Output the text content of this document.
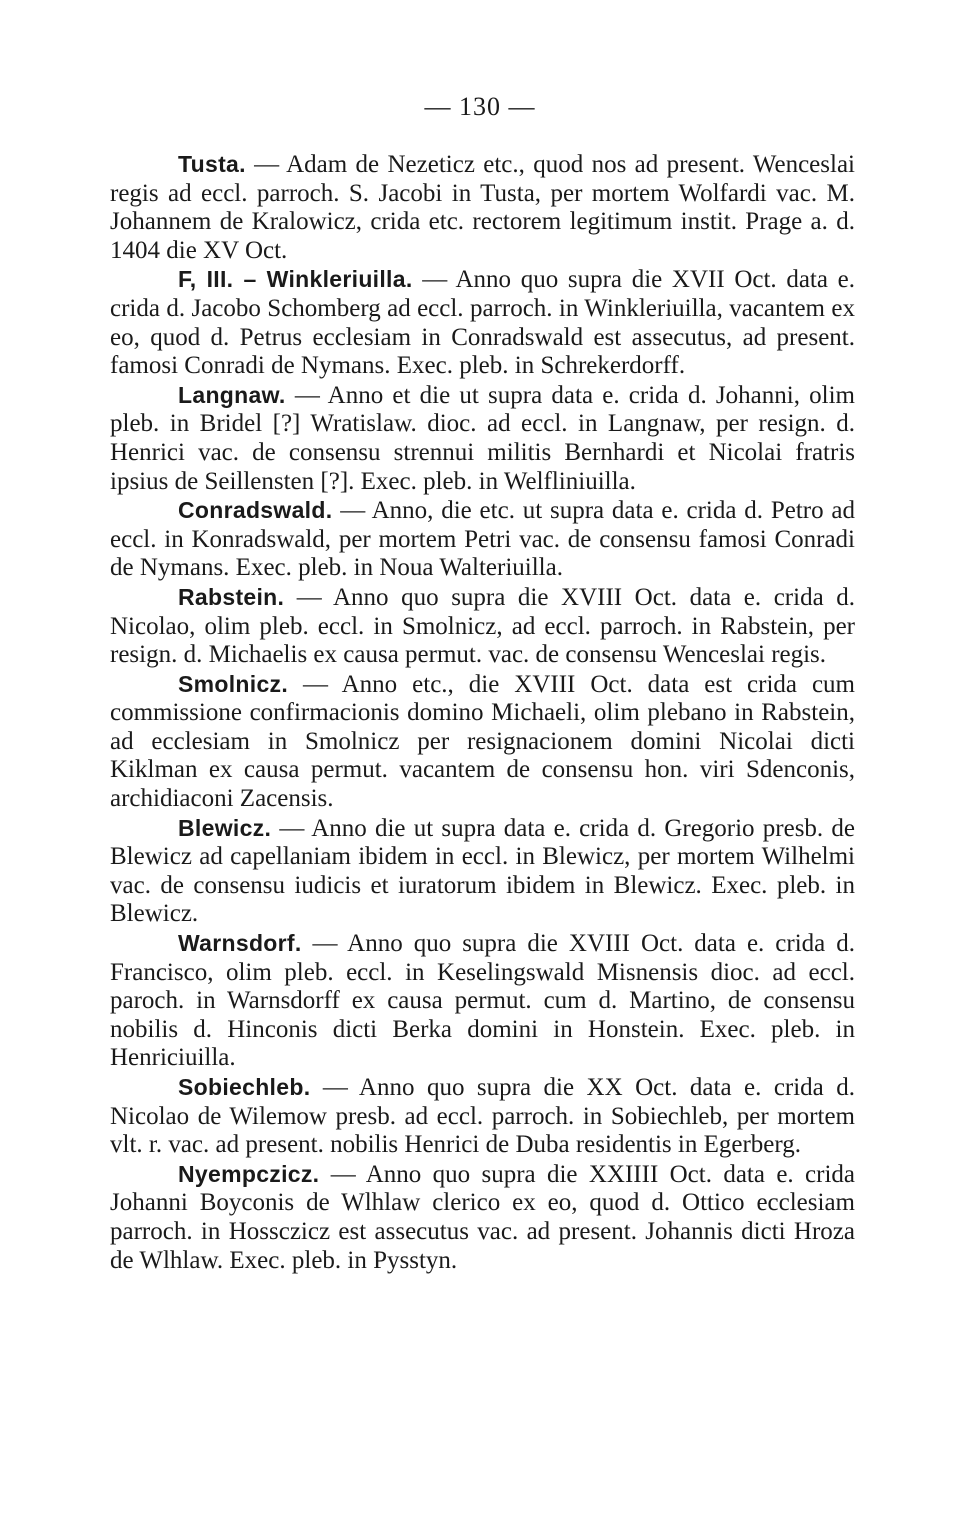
— 130 —

Tusta. — Adam de Nezeticz etc., quod nos ad present. Wenceslai regis ad eccl. parroch. S. Jacobi in Tusta, per mortem Wolfardi vac. M. Johannem de Kralowicz, crida etc. rectorem legitimum instit. Prage a. d. 1404 die XV Oct.

F, III. – Winkleriuilla. — Anno quo supra die XVII Oct. data e. crida d. Jacobo Schomberg ad eccl. parroch. in Winkleriuilla, vacantem ex eo, quod d. Petrus ecclesiam in Conradswald est assecutus, ad present. famosi Conradi de Nymans. Exec. pleb. in Schrekerdorff.

Langnaw. — Anno et die ut supra data e. crida d. Johanni, olim pleb. in Bridel [?] Wratislaw. dioc. ad eccl. in Langnaw, per resign. d. Henrici vac. de consensu strennui militis Bernhardi et Nicolai fratris ipsius de Seillensten [?]. Exec. pleb. in Welfliniuilla.

Conradswald. — Anno, die etc. ut supra data e. crida d. Petro ad eccl. in Konradswald, per mortem Petri vac. de consensu famosi Conradi de Nymans. Exec. pleb. in Noua Walteriuilla.

Rabstein. — Anno quo supra die XVIII Oct. data e. crida d. Nicolao, olim pleb. eccl. in Smolnicz, ad eccl. parroch. in Rabstein, per resign. d. Michaelis ex causa permut. vac. de consensu Wenceslai regis.

Smolnicz. — Anno etc., die XVIII Oct. data est crida cum commissione confirmacionis domino Michaeli, olim plebano in Rabstein, ad ecclesiam in Smolnicz per resignacionem domini Nicolai dicti Kiklman ex causa permut. vacantem de consensu hon. viri Sdenconis, archidiaconi Zacensis.

Blewicz. — Anno die ut supra data e. crida d. Gregorio presb. de Blewicz ad capellaniam ibidem in eccl. in Blewicz, per mortem Wilhelmi vac. de consensu iudicis et iuratorum ibidem in Blewicz. Exec. pleb. in Blewicz.

Warnsdorf. — Anno quo supra die XVIII Oct. data e. crida d. Francisco, olim pleb. eccl. in Keselingswald Misnensis dioc. ad eccl. paroch. in Warnsdorff ex causa permut. cum d. Martino, de consensu nobilis d. Hinconis dicti Berka domini in Honstein. Exec. pleb. in Henriciuilla.

Sobiechleb. — Anno quo supra die XX Oct. data e. crida d. Nicolao de Wilemow presb. ad eccl. parroch. in Sobiechleb, per mortem vlt. r. vac. ad present. nobilis Henrici de Duba residentis in Egerberg.

Nyempczicz. — Anno quo supra die XXIIII Oct. data e. crida Johanni Boyconis de Wlhlaw clerico ex eo, quod d. Ottico ecclesiam parroch. in Hossczicz est assecutus vac. ad present. Johannis dicti Hroza de Wlhlaw. Exec. pleb. in Pysstyn.
